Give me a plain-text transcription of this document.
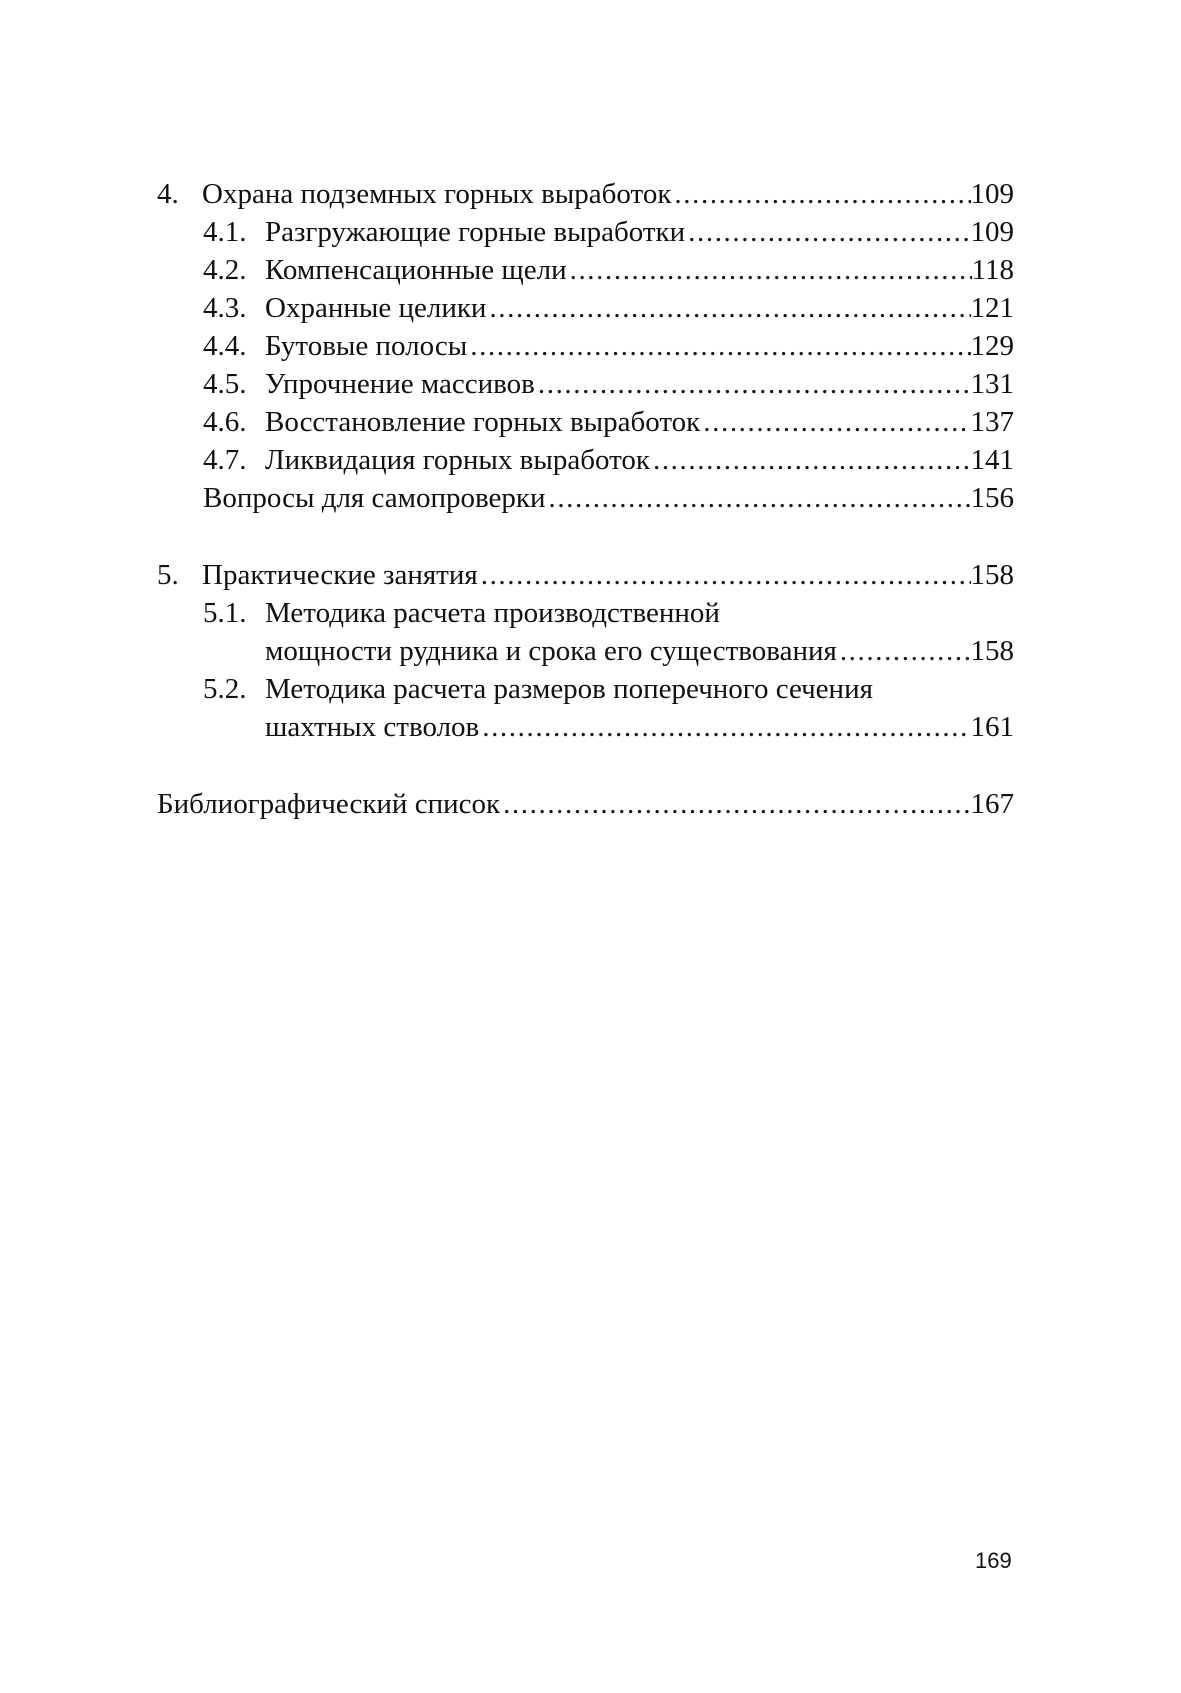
4. Охрана подземных горных выработок .....	109
4.1. Разгружающие горные выработки .....	109
4.2. Компенсационные щели .....	118
4.3. Охранные целики .....	121
4.4. Бутовые полосы .....	129
4.5. Упрочнение массивов .....	131
4.6. Восстановление горных выработок .....	137
4.7. Ликвидация горных выработок .....	141
Вопросы для самопроверки .....	156
5. Практические занятия .....	158
5.1. Методика расчета производственной
мощности рудника и срока его существования .....	158
5.2. Методика расчета размеров поперечного сечения
шахтных стволов .....	161
Библиографический список .....	167
169
